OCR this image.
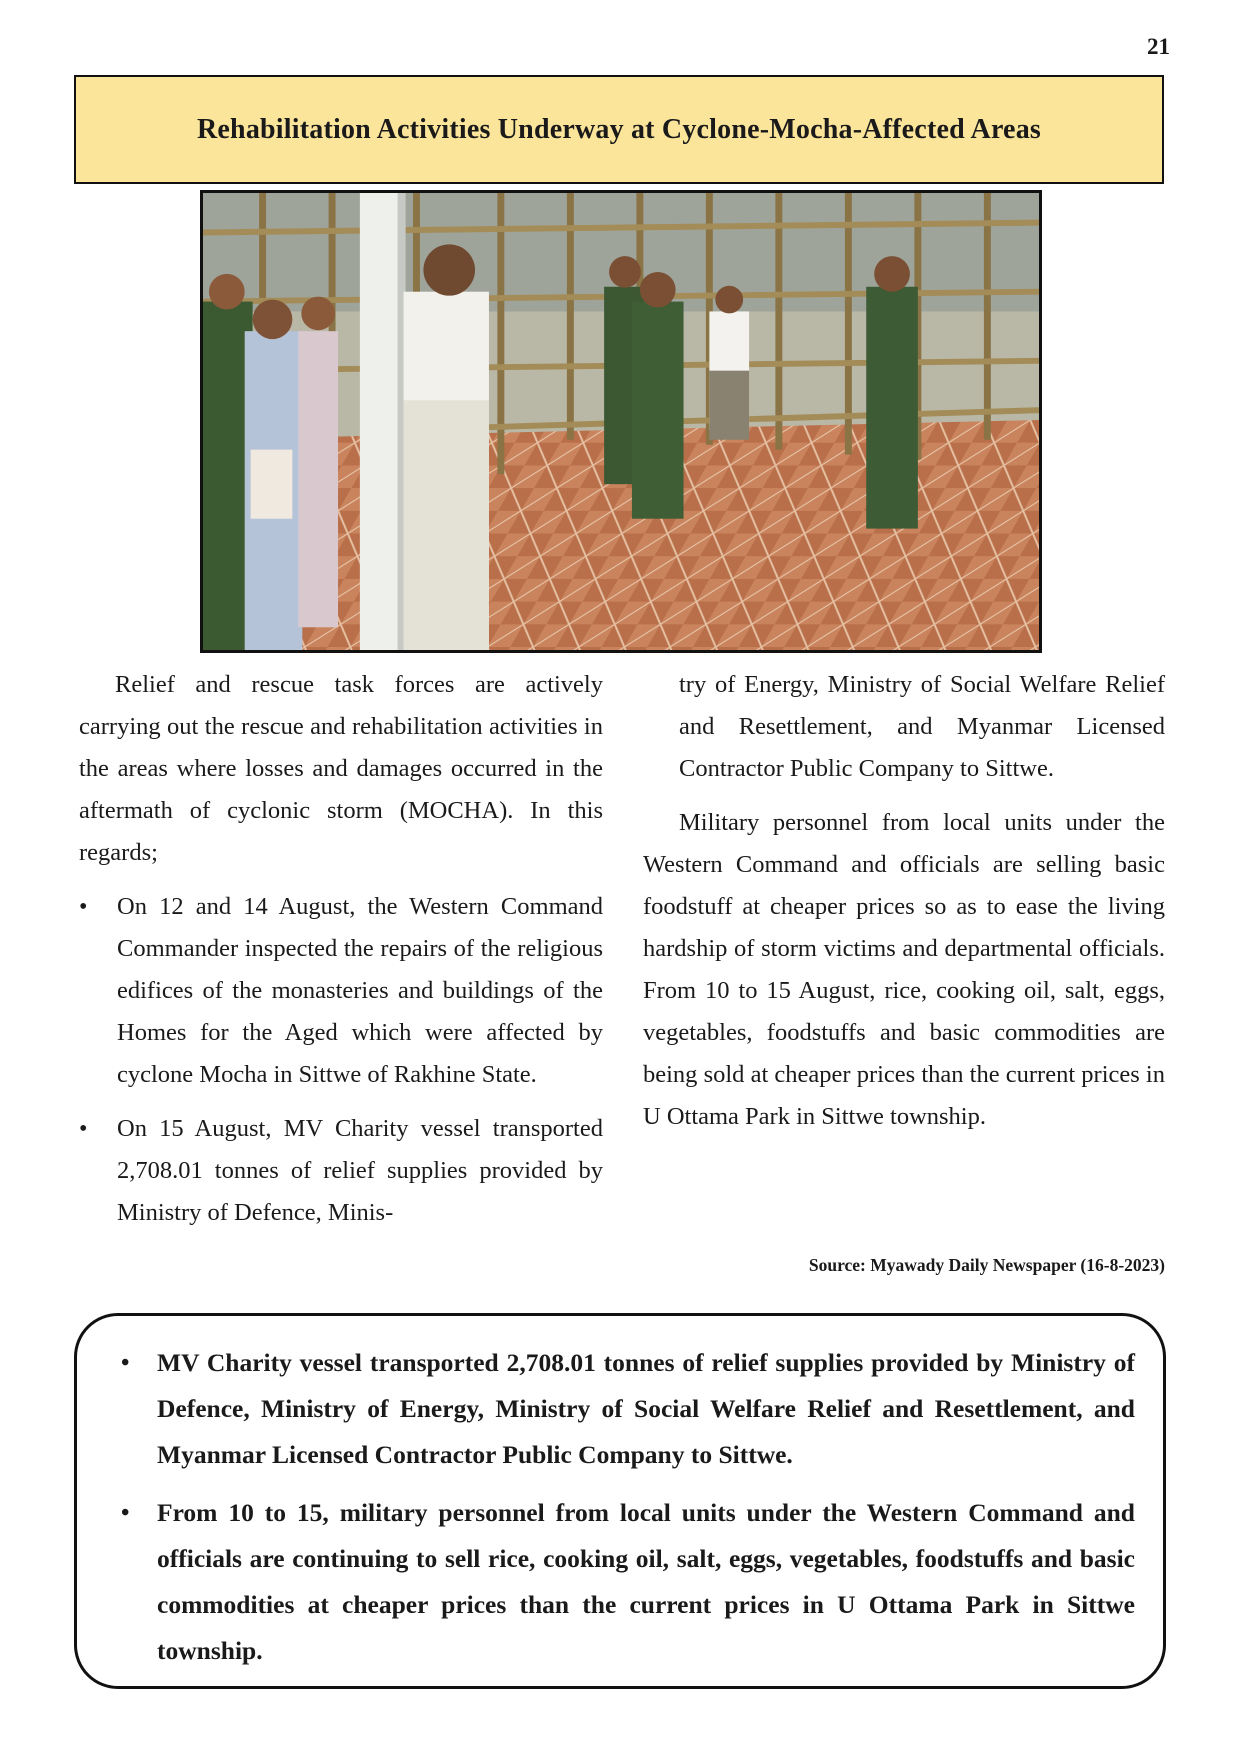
21
Rehabilitation Activities Underway at Cyclone-Mocha-Affected Areas

Relief and rescue task forces are actively carrying out the rescue and rehabilitation activities in the areas where losses and damages occurred in the aftermath of cyclonic storm (MOCHA). In this regards;

• On 12 and 14 August, the Western Command Commander inspected the repairs of the religious edifices of the monasteries and buildings of the Homes for the Aged which were affected by cyclone Mocha in Sittwe of Rakhine State.
• On 15 August, MV Charity vessel transported 2,708.01 tonnes of relief supplies provided by Ministry of Defence, Minis-

try of Energy, Ministry of Social Welfare Relief and Resettlement, and Myanmar Licensed Contractor Public Company to Sittwe.

Military personnel from local units under the Western Command and officials are selling basic foodstuff at cheaper prices so as to ease the living hardship of storm victims and departmental officials. From 10 to 15 August, rice, cooking oil, salt, eggs, vegetables, foodstuffs and basic commodities are being sold at cheaper prices than the current prices in U Ottama Park in Sittwe township.

Source: Myawady Daily Newspaper (16-8-2023)
• MV Charity vessel transported 2,708.01 tonnes of relief supplies provided by Ministry of Defence, Ministry of Energy, Ministry of Social Welfare Relief and Resettlement, and Myanmar Licensed Contractor Public Company to Sittwe.
• From 10 to 15, military personnel from local units under the Western Command and officials are continuing to sell rice, cooking oil, salt, eggs, vegetables, foodstuffs and basic commodities at cheaper prices than the current prices in U Ottama Park in Sittwe township.
